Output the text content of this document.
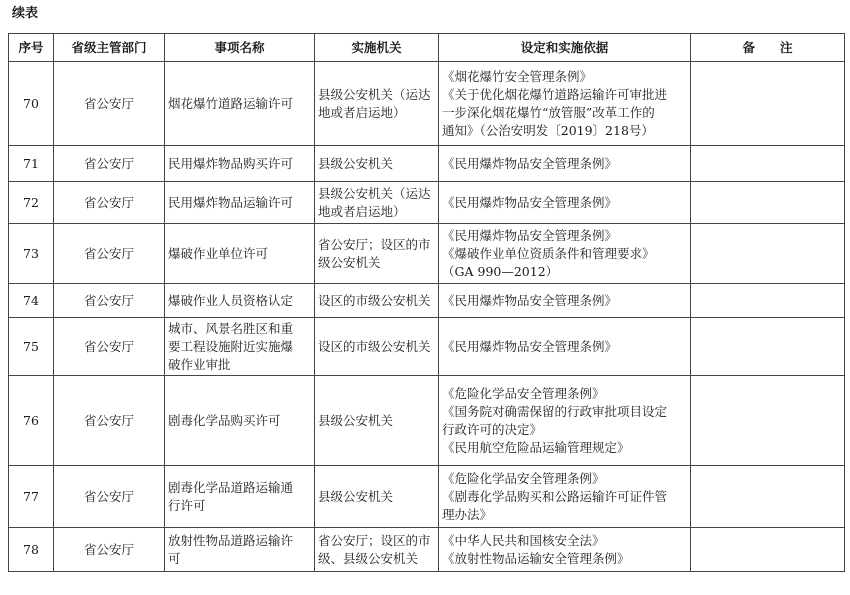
续表
序号	省级主管部门	事项名称	实施机关	设定和实施依据	备　　注
70	省公安厅	烟花爆竹道路运输许可	县级公安机关（运达
地或者启运地）	《烟花爆竹安全管理条例》
《关于优化烟花爆竹道路运输许可审批进
一步深化烟花爆竹“放管服”改革工作的
通知》（公治安明发〔2019〕218号）	

71	省公安厅	民用爆炸物品购买许可	县级公安机关	《民用爆炸物品安全管理条例》	

72	省公安厅	民用爆炸物品运输许可	县级公安机关（运达
地或者启运地）	《民用爆炸物品安全管理条例》	

73	省公安厅	爆破作业单位许可	省公安厅；设区的市
级公安机关	《民用爆炸物品安全管理条例》
《爆破作业单位资质条件和管理要求》
（GA 990—2012）	

74	省公安厅	爆破作业人员资格认定	设区的市级公安机关	《民用爆炸物品安全管理条例》	

75	省公安厅	城市、风景名胜区和重
要工程设施附近实施爆
破作业审批	设区的市级公安机关	《民用爆炸物品安全管理条例》	

76	省公安厅	剧毒化学品购买许可	县级公安机关	《危险化学品安全管理条例》
《国务院对确需保留的行政审批项目设定
行政许可的决定》
《民用航空危险品运输管理规定》	

77	省公安厅	剧毒化学品道路运输通
行许可	县级公安机关	《危险化学品安全管理条例》
《剧毒化学品购买和公路运输许可证件管
理办法》	

78	省公安厅	放射性物品道路运输许
可	省公安厅；设区的市
级、县级公安机关	《中华人民共和国核安全法》
《放射性物品运输安全管理条例》	
